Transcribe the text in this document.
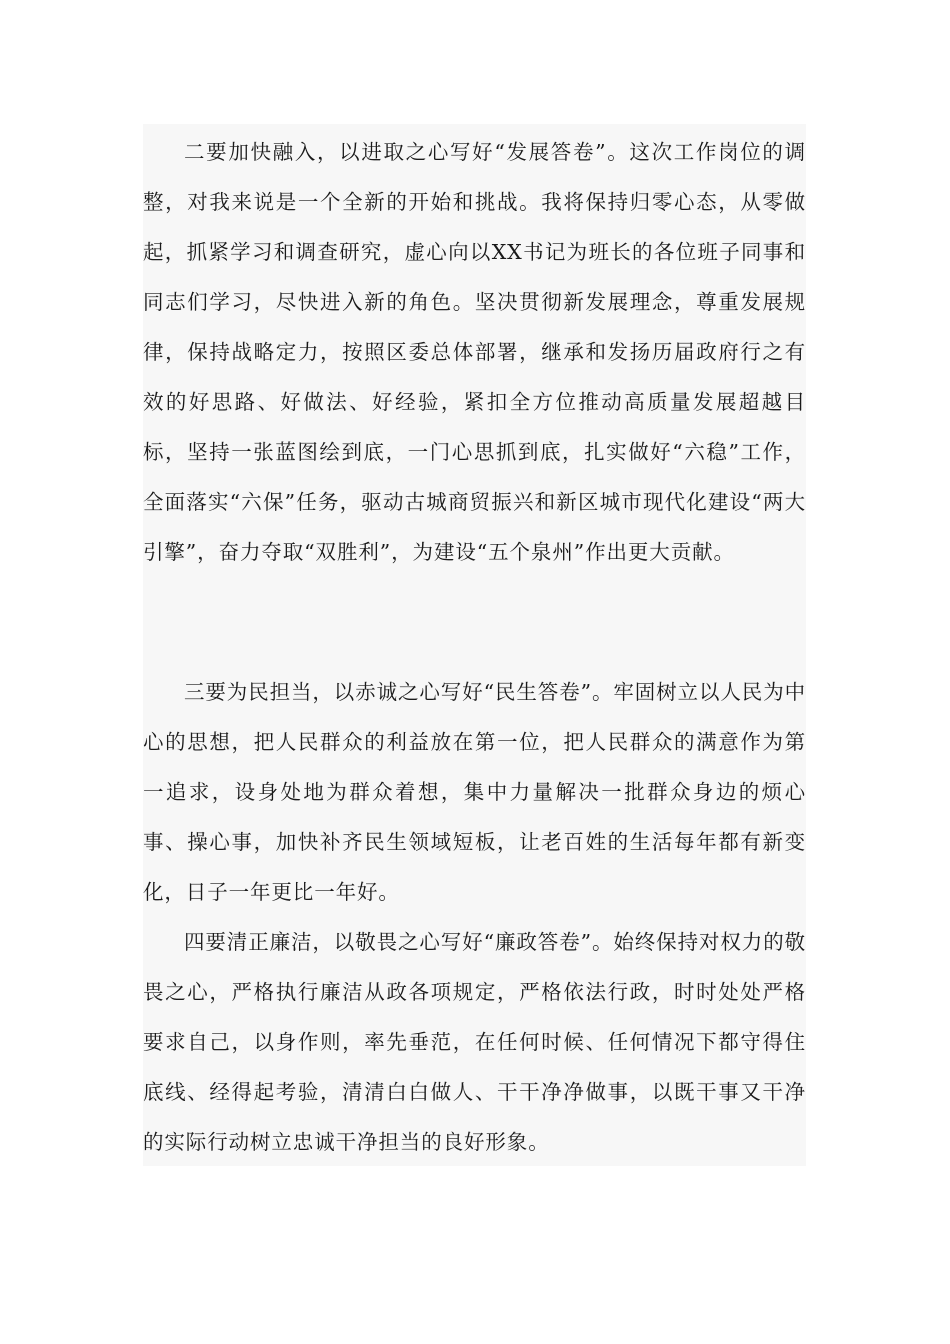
二要加快融入，以进取之心写好“发展答卷”。这次工作岗位的调整，对我来说是一个全新的开始和挑战。我将保持归零心态，从零做起，抓紧学习和调查研究，虚心向以XX书记为班长的各位班子同事和同志们学习，尽快进入新的角色。坚决贯彻新发展理念，尊重发展规律，保持战略定力，按照区委总体部署，继承和发扬历届政府行之有效的好思路、好做法、好经验，紧扣全方位推动高质量发展超越目标，坚持一张蓝图绘到底，一门心思抓到底，扎实做好“六稳”工作，全面落实“六保”任务，驱动古城商贸振兴和新区城市现代化建设“两大引擎”，奋力夺取“双胜利”，为建设“五个泉州”作出更大贡献。

三要为民担当，以赤诚之心写好“民生答卷”。牢固树立以人民为中心的思想，把人民群众的利益放在第一位，把人民群众的满意作为第一追求，设身处地为群众着想，集中力量解决一批群众身边的烦心事、操心事，加快补齐民生领域短板，让老百姓的生活每年都有新变化，日子一年更比一年好。

四要清正廉洁，以敬畏之心写好“廉政答卷”。始终保持对权力的敬畏之心，严格执行廉洁从政各项规定，严格依法行政，时时处处严格要求自己，以身作则，率先垂范，在任何时候、任何情况下都守得住底线、经得起考验，清清白白做人、干干净净做事，以既干事又干净的实际行动树立忠诚干净担当的良好形象。
